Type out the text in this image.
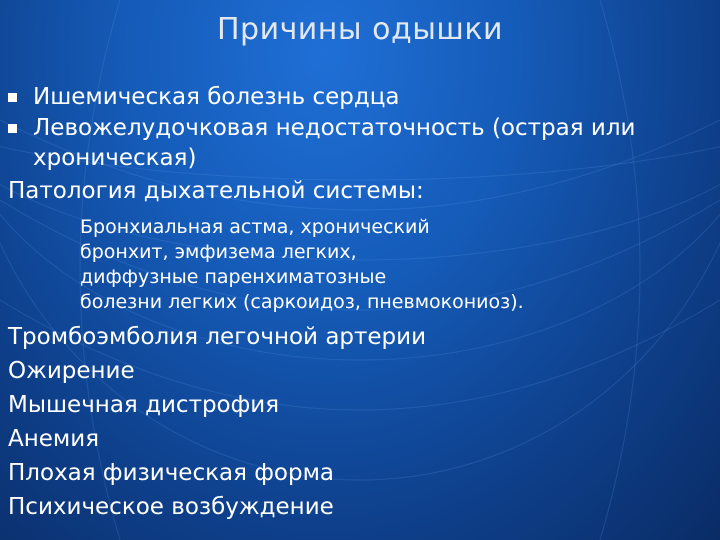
Причины одышки
Ишемическая болезнь сердца
Левожелудочковая недостаточность (острая или
хроническая)
Патология дыхательной системы:
Бронхиальная астма, хронический
бронхит, эмфизема легких,
диффузные паренхиматозные
болезни легких (саркоидоз, пневмокониоз).
Тромбоэмболия легочной артерии
Ожирение
Мышечная дистрофия
Анемия
Плохая физическая форма
Психическое возбуждение
